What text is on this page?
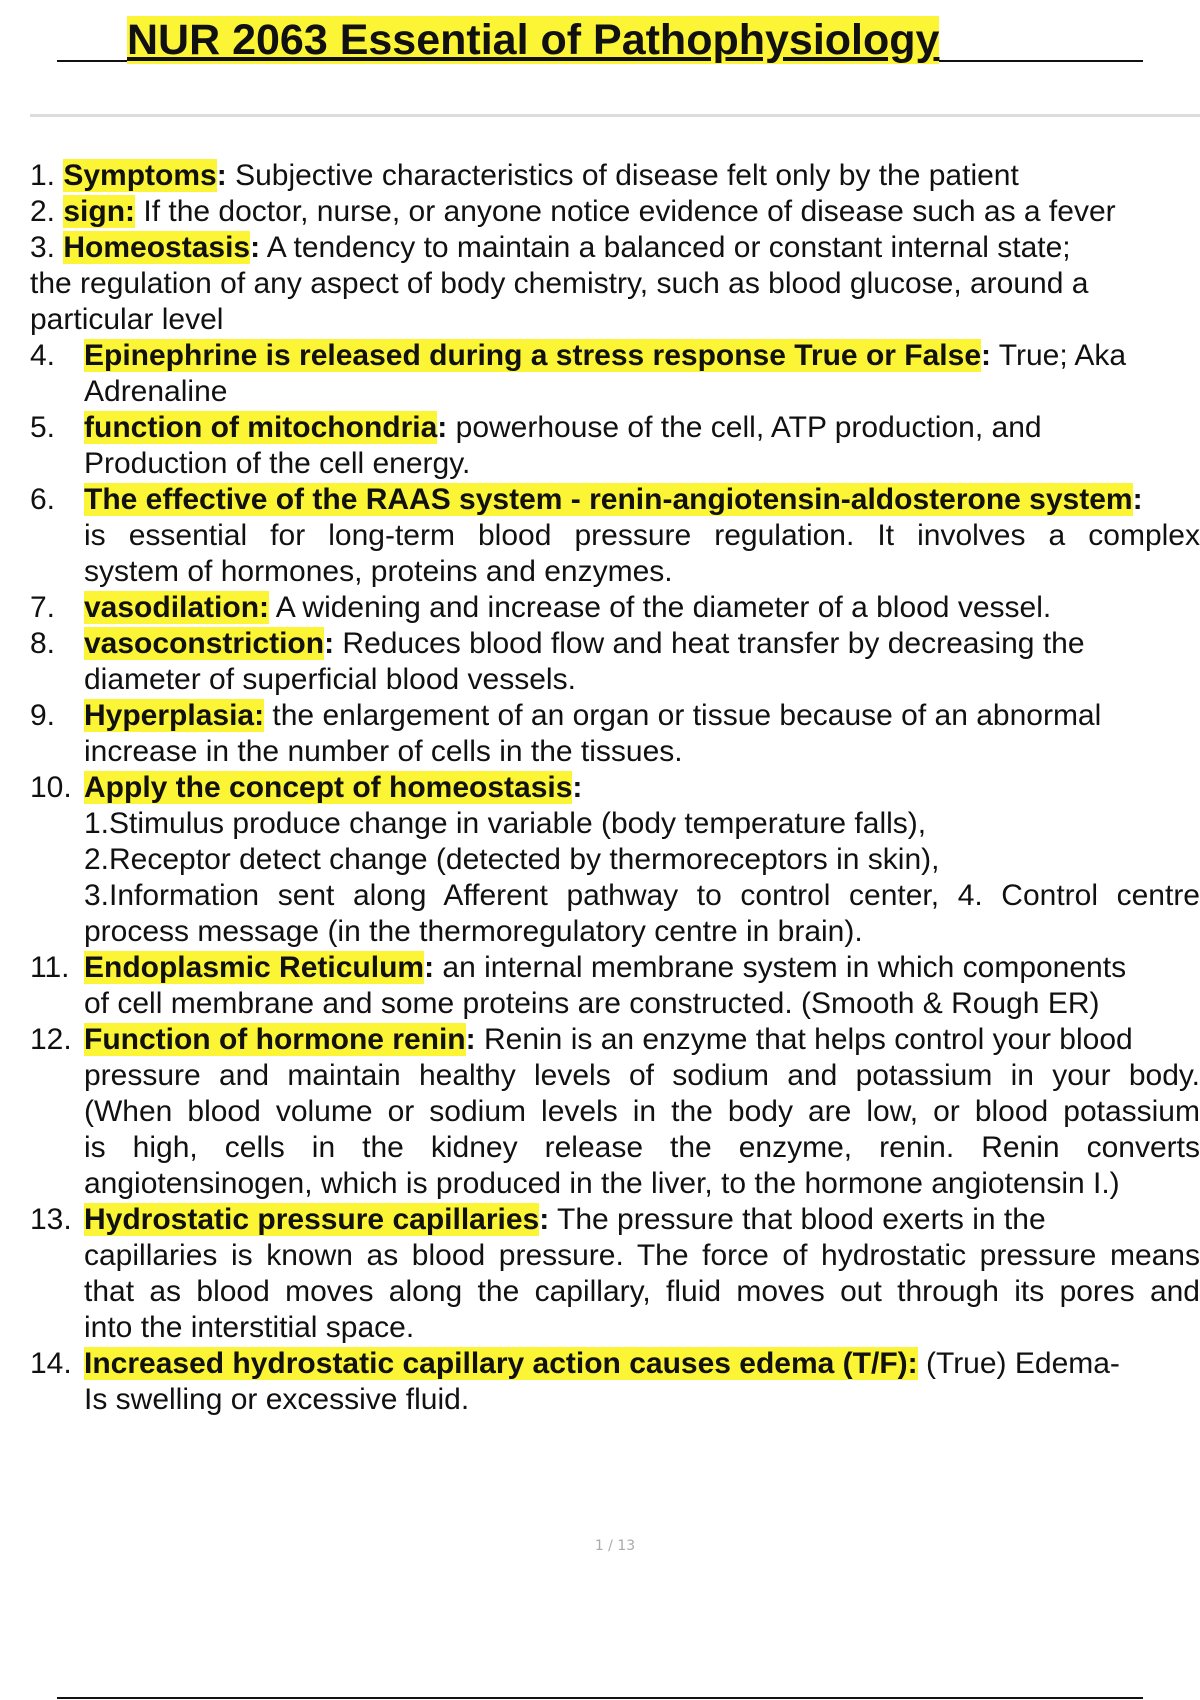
NUR 2063 Essential of Pathophysiology
1. Symptoms: Subjective characteristics of disease felt only by the patient
2. sign: If the doctor, nurse, or anyone notice evidence of disease such as a fever
3. Homeostasis: A tendency to maintain a balanced or constant internal state;
the regulation of any aspect of body chemistry, such as blood glucose, around a
particular level
4. Epinephrine is released during a stress response True or False: True; Aka
Adrenaline
5. function of mitochondria: powerhouse of the cell, ATP production, and
Production of the cell energy.
6. The effective of the RAAS system - renin-angiotensin-aldosterone system:
is essential for long-term blood pressure regulation. It involves a complex
system of hormones, proteins and enzymes.
7. vasodilation: A widening and increase of the diameter of a blood vessel.
8. vasoconstriction: Reduces blood flow and heat transfer by decreasing the
diameter of superficial blood vessels.
9. Hyperplasia: the enlargement of an organ or tissue because of an abnormal
increase in the number of cells in the tissues.
10. Apply the concept of homeostasis:
1.Stimulus produce change in variable (body temperature falls),
2.Receptor detect change (detected by thermoreceptors in skin),
3.Information sent along Afferent pathway to control center, 4. Control centre
process message (in the thermoregulatory centre in brain).
11. Endoplasmic Reticulum: an internal membrane system in which components
of cell membrane and some proteins are constructed. (Smooth & Rough ER)
12. Function of hormone renin: Renin is an enzyme that helps control your blood
pressure and maintain healthy levels of sodium and potassium in your body.
(When blood volume or sodium levels in the body are low, or blood potassium
is high, cells in the kidney release the enzyme, renin. Renin converts
angiotensinogen, which is produced in the liver, to the hormone angiotensin I.)
13. Hydrostatic pressure capillaries: The pressure that blood exerts in the
capillaries is known as blood pressure. The force of hydrostatic pressure means
that as blood moves along the capillary, fluid moves out through its pores and
into the interstitial space.
14. Increased hydrostatic capillary action causes edema (T/F): (True) Edema-
Is swelling or excessive fluid.
1 / 13
